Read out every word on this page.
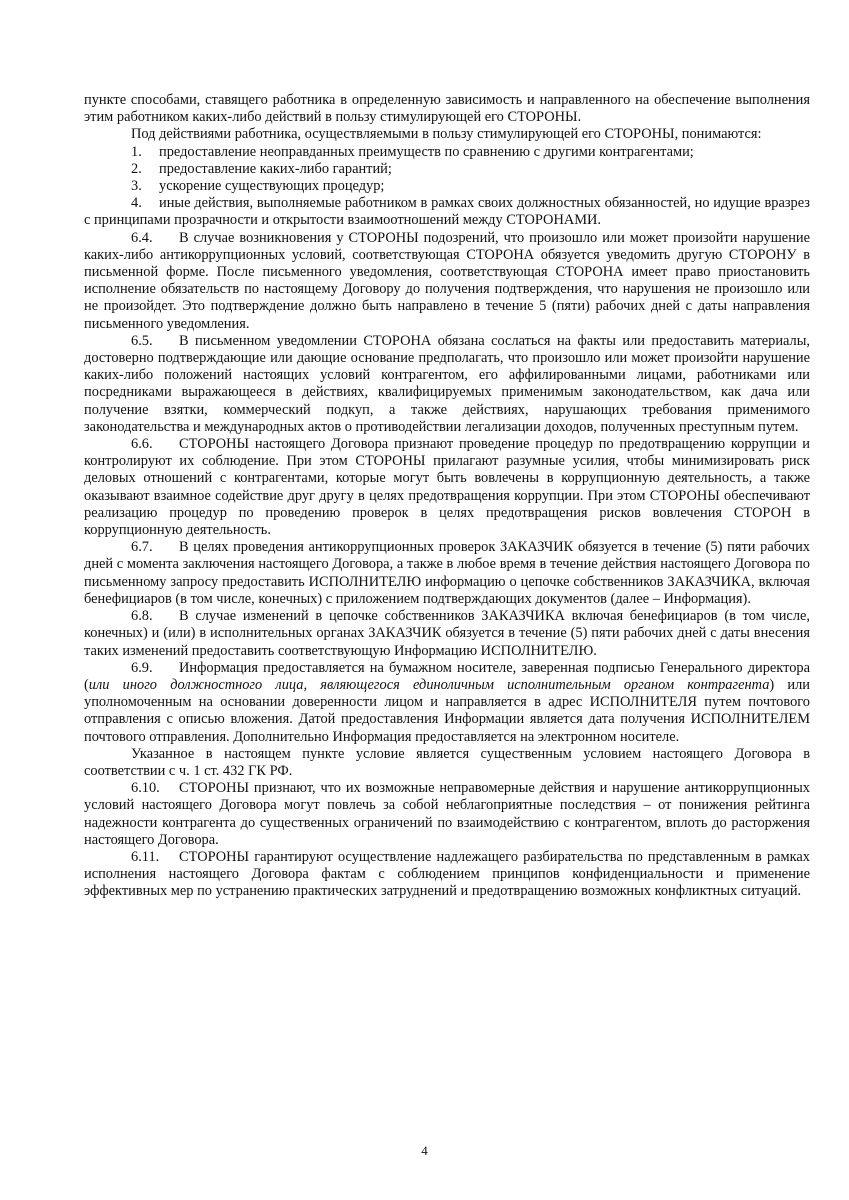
пункте способами, ставящего работника в определенную зависимость и направленного на обеспечение выполнения этим работником каких-либо действий в пользу стимулирующей его СТОРОНЫ.

Под действиями работника, осуществляемыми в пользу стимулирующей его СТОРОНЫ, понимаются:

1. предоставление неоправданных преимуществ по сравнению с другими контрагентами;

2. предоставление каких-либо гарантий;

3. ускорение существующих процедур;

4. иные действия, выполняемые работником в рамках своих должностных обязанностей, но идущие вразрез с принципами прозрачности и открытости взаимоотношений между СТОРОНАМИ.

6.4. В случае возникновения у СТОРОНЫ подозрений, что произошло или может произойти нарушение каких-либо антикоррупционных условий, соответствующая СТОРОНА обязуется уведомить другую СТОРОНУ в письменной форме. После письменного уведомления, соответствующая СТОРОНА имеет право приостановить исполнение обязательств по настоящему Договору до получения подтверждения, что нарушения не произошло или не произойдет. Это подтверждение должно быть направлено в течение 5 (пяти) рабочих дней с даты направления письменного уведомления.

6.5. В письменном уведомлении СТОРОНА обязана сослаться на факты или предоставить материалы, достоверно подтверждающие или дающие основание предполагать, что произошло или может произойти нарушение каких-либо положений настоящих условий контрагентом, его аффилированными лицами, работниками или посредниками выражающееся в действиях, квалифицируемых применимым законодательством, как дача или получение взятки, коммерческий подкуп, а также действиях, нарушающих требования применимого законодательства и международных актов о противодействии легализации доходов, полученных преступным путем.

6.6. СТОРОНЫ настоящего Договора признают проведение процедур по предотвращению коррупции и контролируют их соблюдение. При этом СТОРОНЫ прилагают разумные усилия, чтобы минимизировать риск деловых отношений с контрагентами, которые могут быть вовлечены в коррупционную деятельность, а также оказывают взаимное содействие друг другу в целях предотвращения коррупции. При этом СТОРОНЫ обеспечивают реализацию процедур по проведению проверок в целях предотвращения рисков вовлечения СТОРОН в коррупционную деятельность.

6.7. В целях проведения антикоррупционных проверок ЗАКАЗЧИК обязуется в течение (5) пяти рабочих дней с момента заключения настоящего Договора, а также в любое время в течение действия настоящего Договора по письменному запросу предоставить ИСПОЛНИТЕЛЮ информацию о цепочке собственников ЗАКАЗЧИКА, включая бенефициаров (в том числе, конечных) с приложением подтверждающих документов (далее – Информация).

6.8. В случае изменений в цепочке собственников ЗАКАЗЧИКА включая бенефициаров (в том числе, конечных) и (или) в исполнительных органах ЗАКАЗЧИК обязуется в течение (5) пяти рабочих дней с даты внесения таких изменений предоставить соответствующую Информацию ИСПОЛНИТЕЛЮ.

6.9. Информация предоставляется на бумажном носителе, заверенная подписью Генерального директора (или иного должностного лица, являющегося единоличным исполнительным органом контрагента) или уполномоченным на основании доверенности лицом и направляется в адрес ИСПОЛНИТЕЛЯ путем почтового отправления с описью вложения. Датой предоставления Информации является дата получения ИСПОЛНИТЕЛЕМ почтового отправления. Дополнительно Информация предоставляется на электронном носителе.

Указанное в настоящем пункте условие является существенным условием настоящего Договора в соответствии с ч. 1 ст. 432 ГК РФ.

6.10. СТОРОНЫ признают, что их возможные неправомерные действия и нарушение антикоррупционных условий настоящего Договора могут повлечь за собой неблагоприятные последствия – от понижения рейтинга надежности контрагента до существенных ограничений по взаимодействию с контрагентом, вплоть до расторжения настоящего Договора.

6.11. СТОРОНЫ гарантируют осуществление надлежащего разбирательства по представленным в рамках исполнения настоящего Договора фактам с соблюдением принципов конфиденциальности и применение эффективных мер по устранению практических затруднений и предотвращению возможных конфликтных ситуаций.

4
